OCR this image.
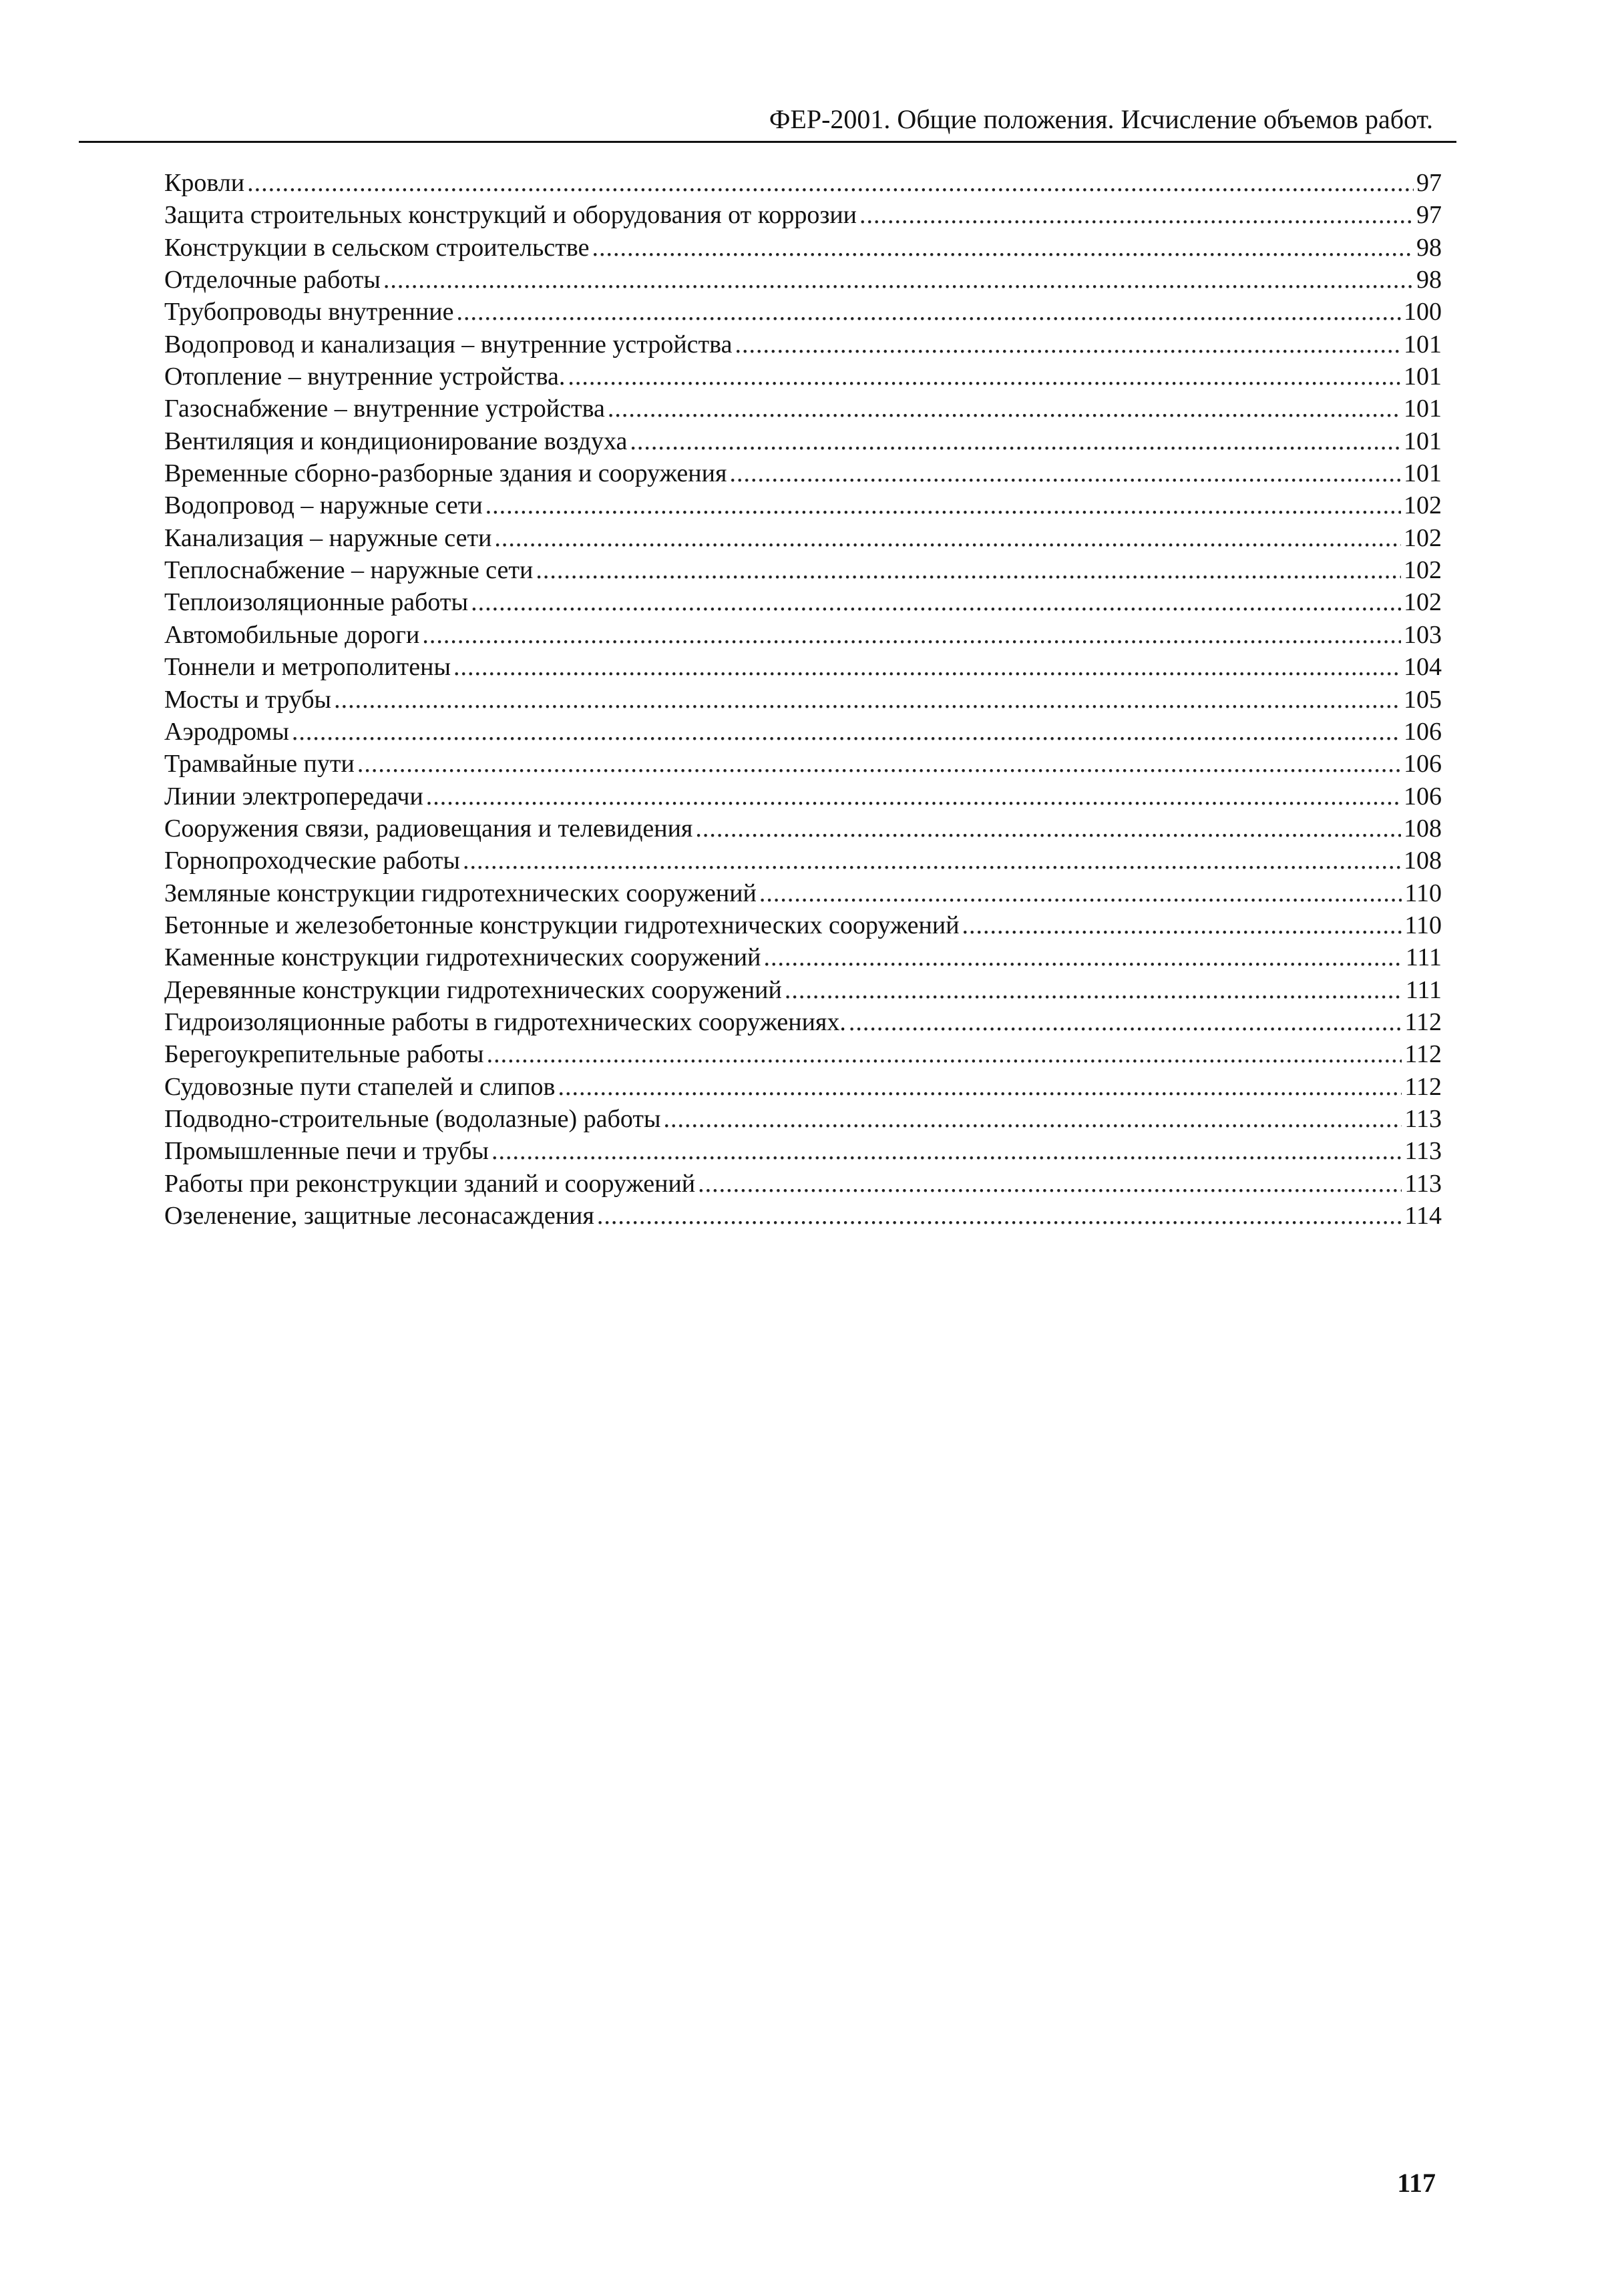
ФЕР-2001. Общие положения. Исчисление объемов работ.
Кровли .....	97
Защита строительных конструкций и оборудования от коррозии .....	97
Конструкции в сельском строительстве .....	98
Отделочные работы .....	98
Трубопроводы внутренние .....	100
Водопровод и канализация – внутренние устройства .....	101
Отопление – внутренние устройства. .....	101
Газоснабжение – внутренние устройства .....	101
Вентиляция и кондиционирование воздуха .....	101
Временные сборно-разборные здания и сооружения .....	101
Водопровод – наружные сети .....	102
Канализация – наружные сети .....	102
Теплоснабжение – наружные сети .....	102
Теплоизоляционные работы .....	102
Автомобильные дороги .....	103
Тоннели и метрополитены .....	104
Мосты и трубы .....	105
Аэродромы .....	106
Трамвайные пути .....	106
Линии электропередачи .....	106
Сооружения связи, радиовещания и телевидения .....	108
Горнопроходческие работы .....	108
Земляные конструкции гидротехнических сооружений .....	110
Бетонные и железобетонные конструкции гидротехнических сооружений .....	110
Каменные конструкции гидротехнических сооружений .....	111
Деревянные конструкции гидротехнических сооружений .....	111
Гидроизоляционные работы в гидротехнических сооружениях. .....	112
Берегоукрепительные работы .....	112
Судовозные пути стапелей и слипов .....	112
Подводно-строительные (водолазные) работы .....	113
Промышленные печи и трубы .....	113
Работы при реконструкции зданий и сооружений .....	113
Озеленение, защитные лесонасаждения .....	114
117
